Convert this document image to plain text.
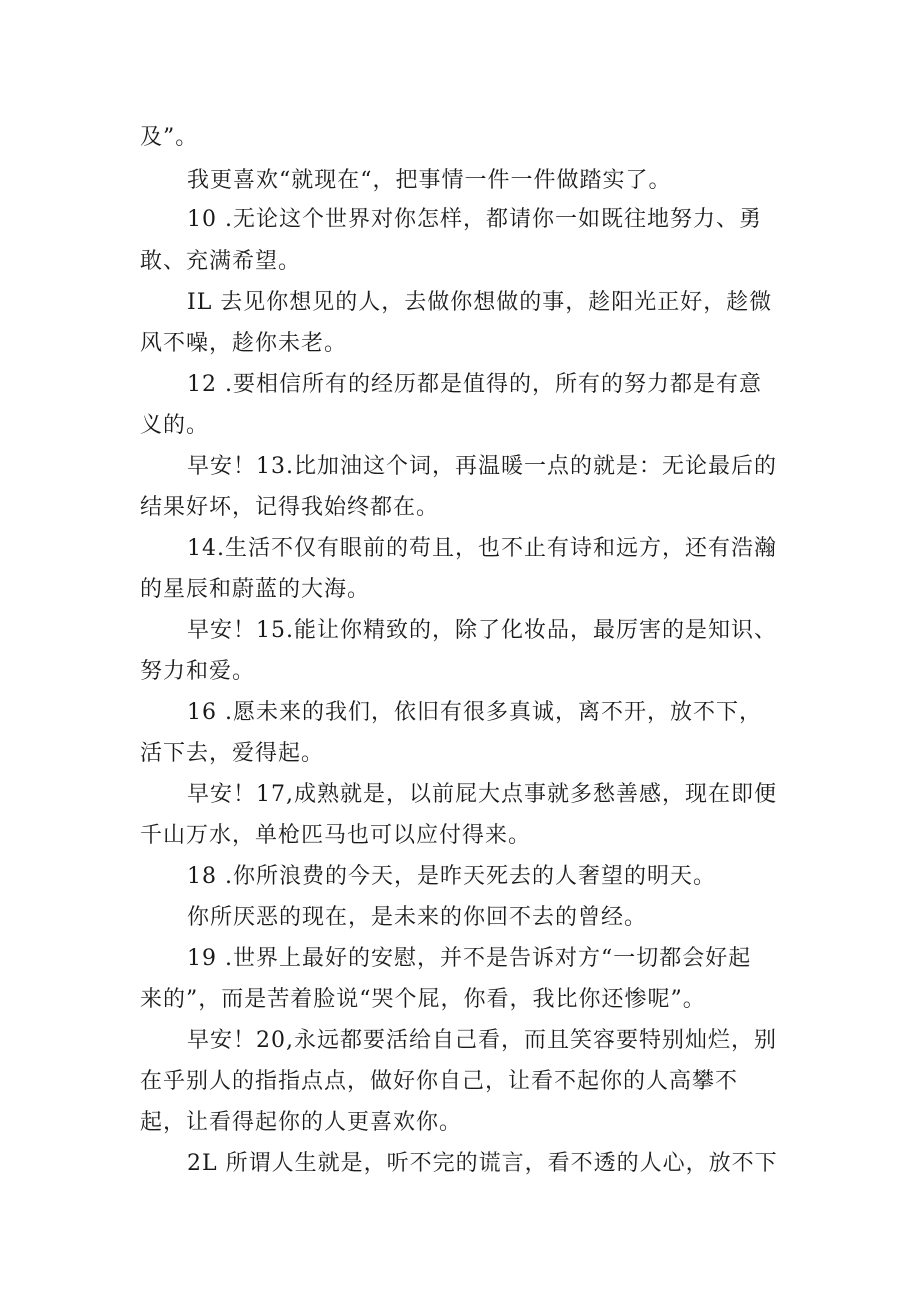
及”。
我更喜欢“就现在“，把事情一件一件做踏实了。
10 .无论这个世界对你怎样，都请你一如既往地努力、勇
敢、充满希望。
IL 去见你想见的人，去做你想做的事，趁阳光正好，趁微
风不噪，趁你未老。
12 .要相信所有的经历都是值得的，所有的努力都是有意
义的。
早安！13.比加油这个词，再温暖一点的就是：无论最后的
结果好坏，记得我始终都在。
14.生活不仅有眼前的苟且，也不止有诗和远方，还有浩瀚
的星辰和蔚蓝的大海。
早安！15.能让你精致的，除了化妆品，最厉害的是知识、
努力和爱。
16 .愿未来的我们，依旧有很多真诚，离不开，放不下，
活下去，爱得起。
早安！17,成熟就是，以前屁大点事就多愁善感，现在即便
千山万水，单枪匹马也可以应付得来。
18 .你所浪费的今天，是昨天死去的人奢望的明天。
你所厌恶的现在，是未来的你回不去的曾经。
19 .世界上最好的安慰，并不是告诉对方“一切都会好起
来的”，而是苦着脸说“哭个屁，你看，我比你还惨呢”。
早安！20,永远都要活给自己看，而且笑容要特别灿烂，别
在乎别人的指指点点，做好你自己，让看不起你的人高攀不
起，让看得起你的人更喜欢你。
2L 所谓人生就是，听不完的谎言，看不透的人心，放不下
